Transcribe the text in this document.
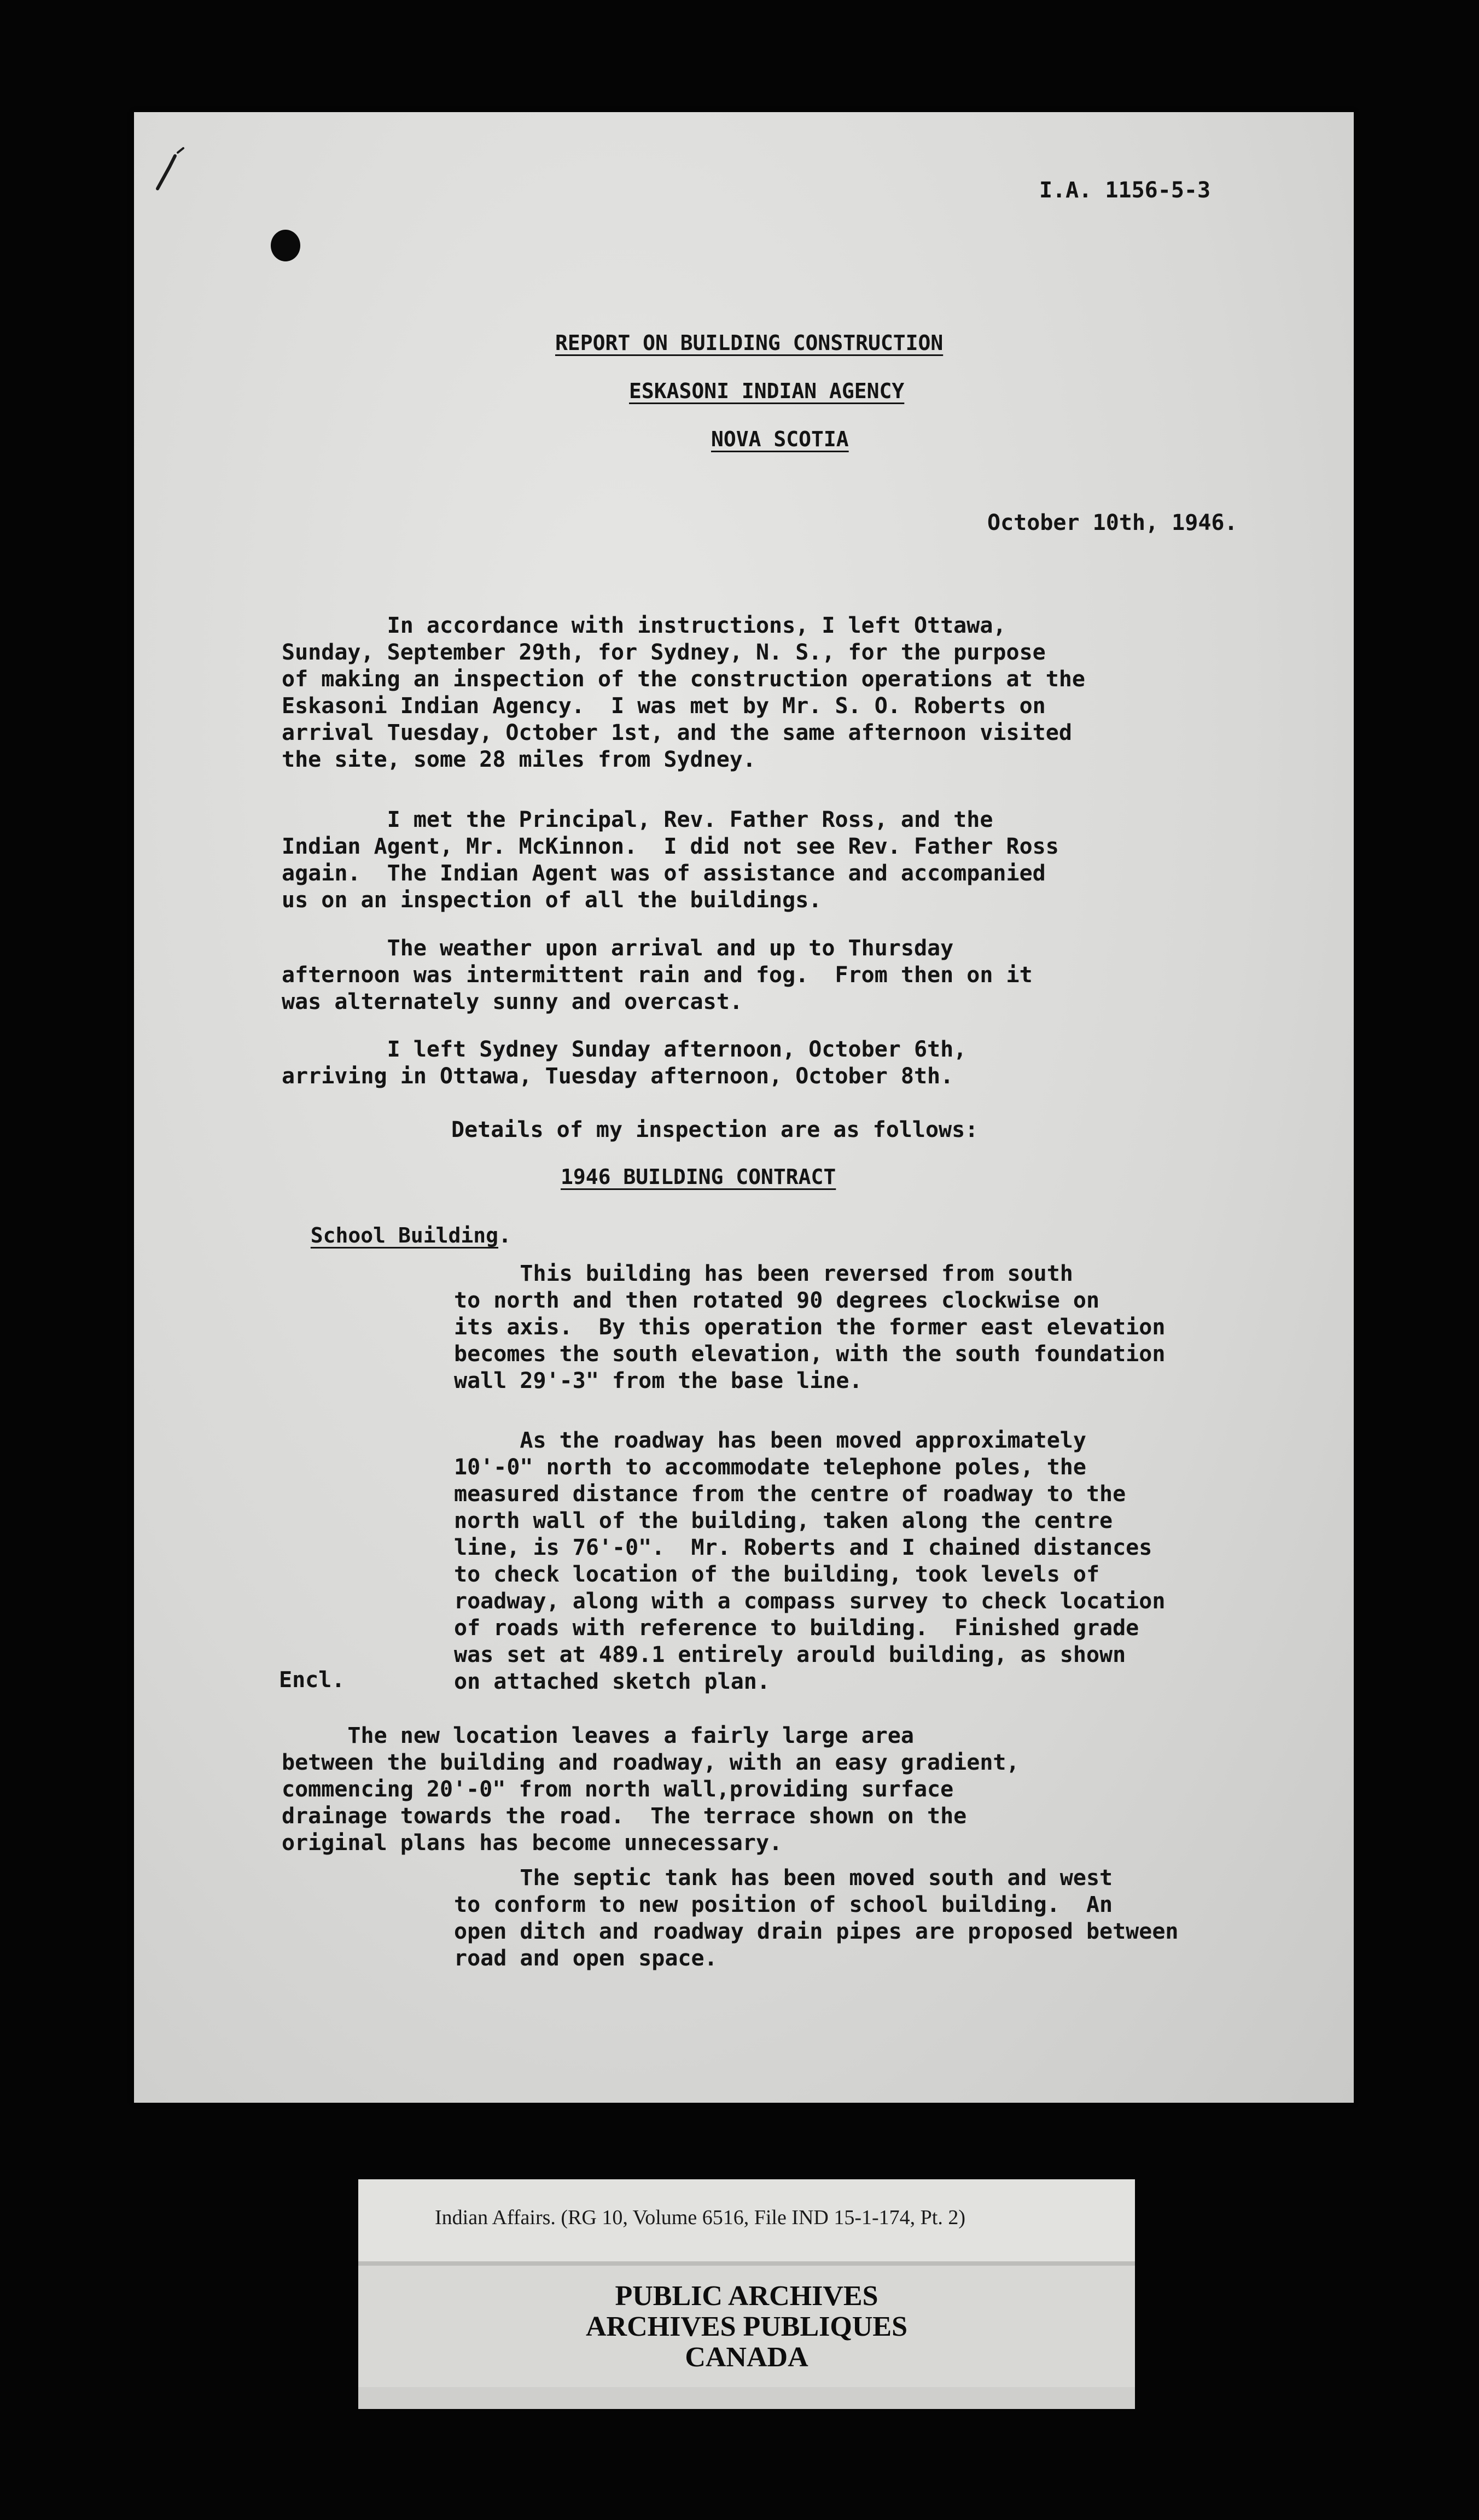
I.A. 1156-5-3
REPORT ON BUILDING CONSTRUCTION
ESKASONI INDIAN AGENCY
NOVA SCOTIA
October 10th, 1946.
In accordance with instructions, I left Ottawa,
Sunday, September 29th, for Sydney, N. S., for the purpose
of making an inspection of the construction operations at the
Eskasoni Indian Agency.  I was met by Mr. S. O. Roberts on
arrival Tuesday, October 1st, and the same afternoon visited
the site, some 28 miles from Sydney.
I met the Principal, Rev. Father Ross, and the
Indian Agent, Mr. McKinnon.  I did not see Rev. Father Ross
again.  The Indian Agent was of assistance and accompanied
us on an inspection of all the buildings.
The weather upon arrival and up to Thursday
afternoon was intermittent rain and fog.  From then on it
was alternately sunny and overcast.
I left Sydney Sunday afternoon, October 6th,
arriving in Ottawa, Tuesday afternoon, October 8th.
Details of my inspection are as follows:
1946 BUILDING CONTRACT

School Building.

This building has been reversed from south
to north and then rotated 90 degrees clockwise on
its axis.  By this operation the former east elevation
becomes the south elevation, with the south foundation
wall 29'-3" from the base line.
As the roadway has been moved approximately
10'-0" north to accommodate telephone poles, the
measured distance from the centre of roadway to the
north wall of the building, taken along the centre
line, is 76'-0".  Mr. Roberts and I chained distances
to check location of the building, took levels of
roadway, along with a compass survey to check location
of roads with reference to building.  Finished grade
was set at 489.1 entirely arould building, as shown
on attached sketch plan.
Encl.
The new location leaves a fairly large area
between the building and roadway, with an easy gradient,
commencing 20'-0" from north wall,providing surface
drainage towards the road.  The terrace shown on the
original plans has become unnecessary.
The septic tank has been moved south and west
to conform to new position of school building.  An
open ditch and roadway drain pipes are proposed between
road and open space.
Indian Affairs. (RG 10, Volume 6516, File IND 15-1-174, Pt. 2)
PUBLIC ARCHIVES
ARCHIVES PUBLIQUES
CANADA
